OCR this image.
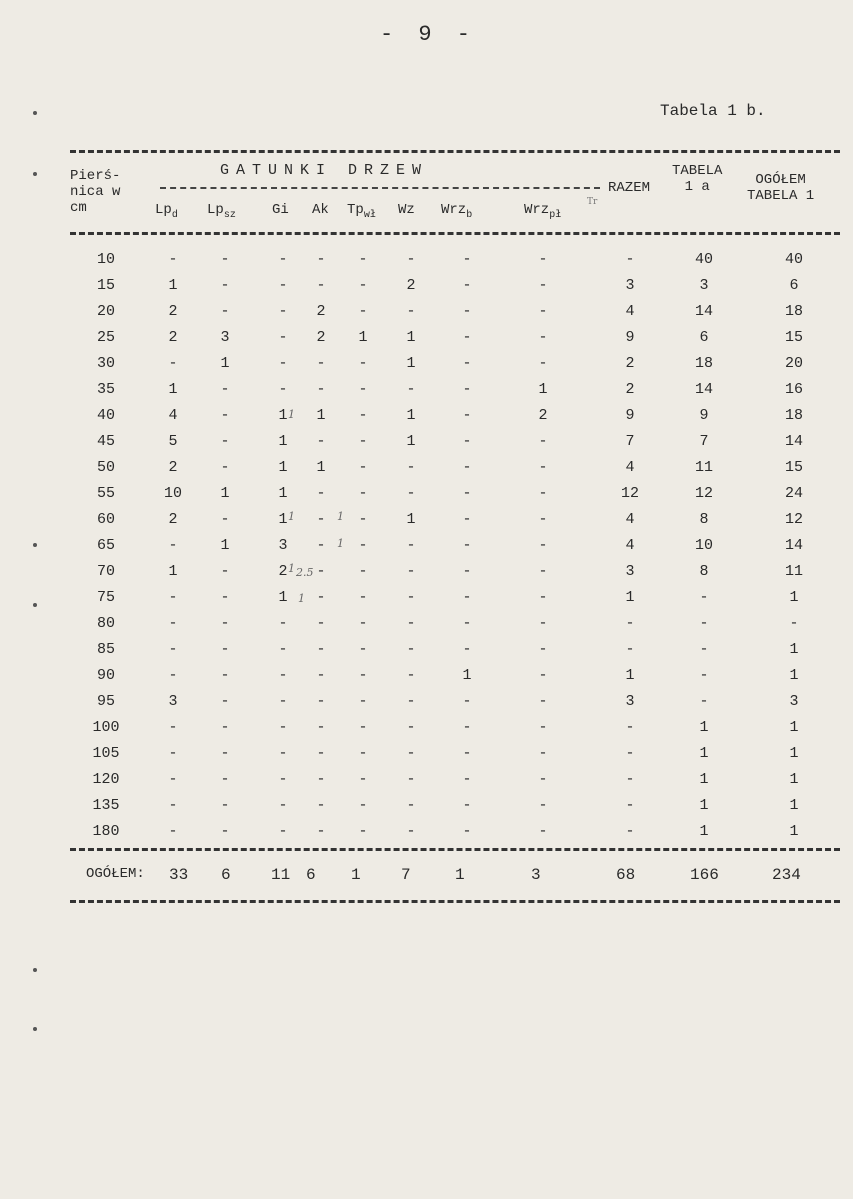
- 9 -
Tabela 1 b.
Pierś-
nica w
cm
GATUNKI DRZEW
$Lp_d$ $Lp_{sz}$	Gi Ak $Tp_{wł}$ Wz Wrz$_b$	Wrz$_{pł}$
Tr
RAZEM
TABELA
1 a	OGÓŁEM
TABELA 1
10	-	-	-	-	-	-	-	-	-	40	40
15	1	-	-	-	-	2	-	-	3	3	6
20	2	-	-	2	-	-	-	-	4	14	18
25	2	3	-	2	1	1	-	-	9	6	15
30	-	1	-	-	-	1	-	-	2	18	20
35	1	-	-	-	-	-	-	1	2	14	16
40	4	-	1	1	-	1	-	2	9	9	18
45	5	-	1	-	-	1	-	-	7	7	14
50	2	-	1	1	-	-	-	-	4	11	15
55	10	1	1	-	-	-	-	-	12	12	24
60	2	-	1	-	-	1	-	-	4	8	12
65	-	1	3	-	-	-	-	-	4	10	14
70	1	-	2	-	-	-	-	-	3	8	11
75	-	-	1	-	-	-	-	-	1	-	1
80	-	-	-	-	-	-	-	-	-	-	-
85	-	-	-	-	-	-	-	-	-	-	1
90	-	-	-	-	-	-	1	-	1	-	1
95	3	-	-	-	-	-	-	-	3	-	3
100	-	-	-	-	-	-	-	-	-	1	1
105	-	-	-	-	-	-	-	-	-	1	1
120	-	-	-	-	-	-	-	-	-	1	1
135	-	-	-	-	-	-	-	-	-	1	1
180	-	-	-	-	-	-	-	-	-	1	1
1
1	1
1
1 2.5
1
OGÓŁEM: 33 6	11 6 1	7	1	3	68	166	234
